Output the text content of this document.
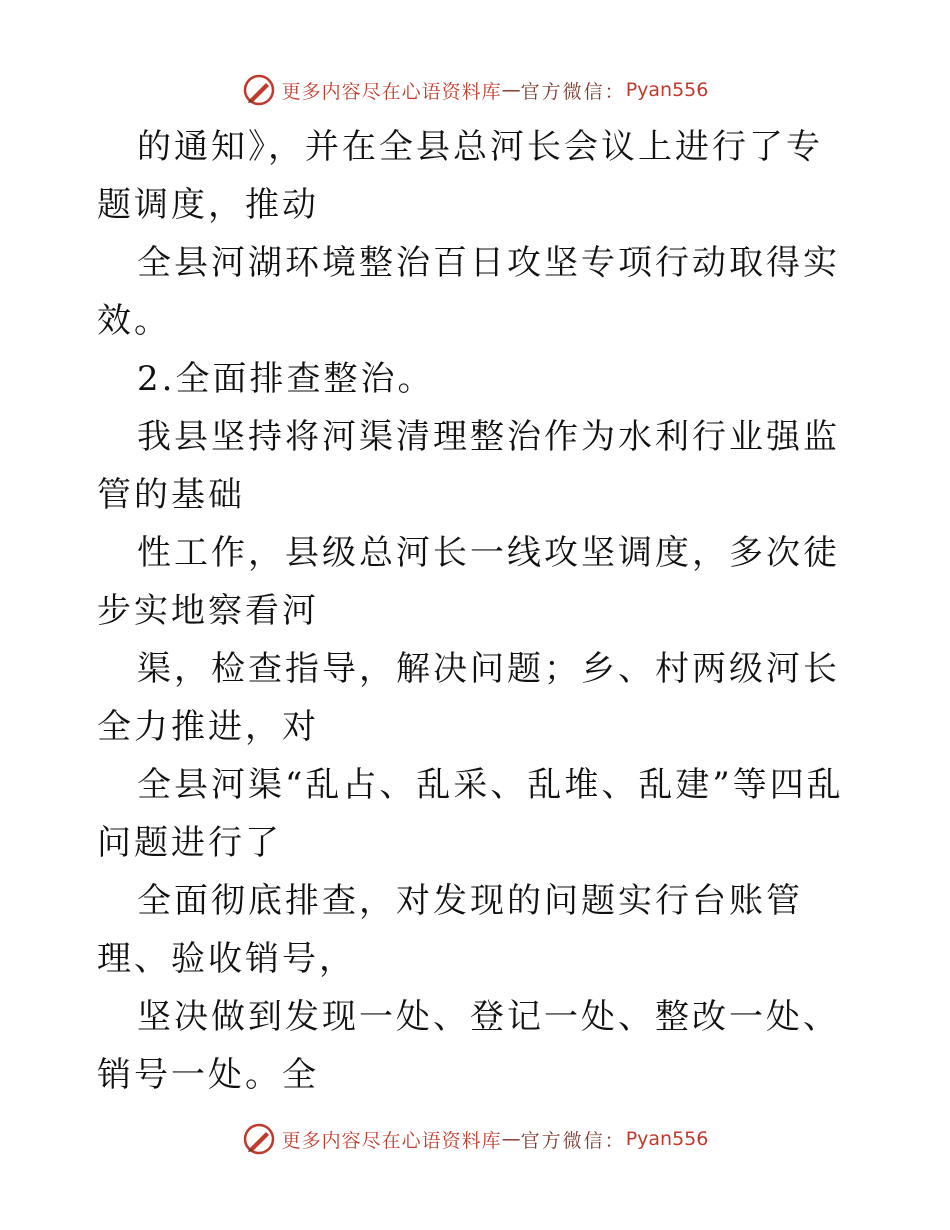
更多内容尽在心语资料库 — 官方微信： Pyan556

的通知》，并在全县总河长会议上进行了专题调度，推动

全县河湖环境整治百日攻坚专项行动取得实效。

2.全面排查整治。

我县坚持将河渠清理整治作为水利行业强监管的基础

性工作，县级总河长一线攻坚调度，多次徒步实地察看河

渠，检查指导，解决问题；乡、村两级河长全力推进，对

全县河渠“乱占、乱采、乱堆、乱建”等四乱问题进行了

全面彻底排查，对发现的问题实行台账管理、验收销号，

坚决做到发现一处、登记一处、整改一处、销号一处。全

更多内容尽在心语资料库 — 官方微信： Pyan556
